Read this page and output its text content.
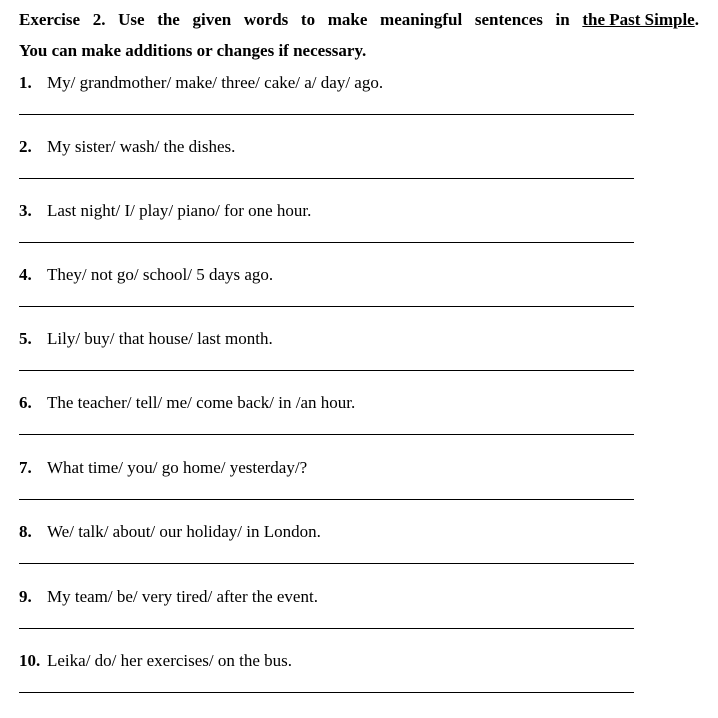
Exercise 2. Use the given words to make meaningful sentences in the Past Simple.
You can make additions or changes if necessary.
1. My/ grandmother/ make/ three/ cake/ a/ day/ ago.
2. My sister/ wash/ the dishes.
3. Last night/ I/ play/ piano/ for one hour.
4. They/ not go/ school/ 5 days ago.
5. Lily/ buy/ that house/ last month.
6. The teacher/ tell/ me/ come back/ in /an hour.
7. What time/ you/ go home/ yesterday/?
8. We/ talk/ about/ our holiday/ in London.
9. My team/ be/ very tired/ after the event.
10. Leika/ do/ her exercises/ on the bus.
